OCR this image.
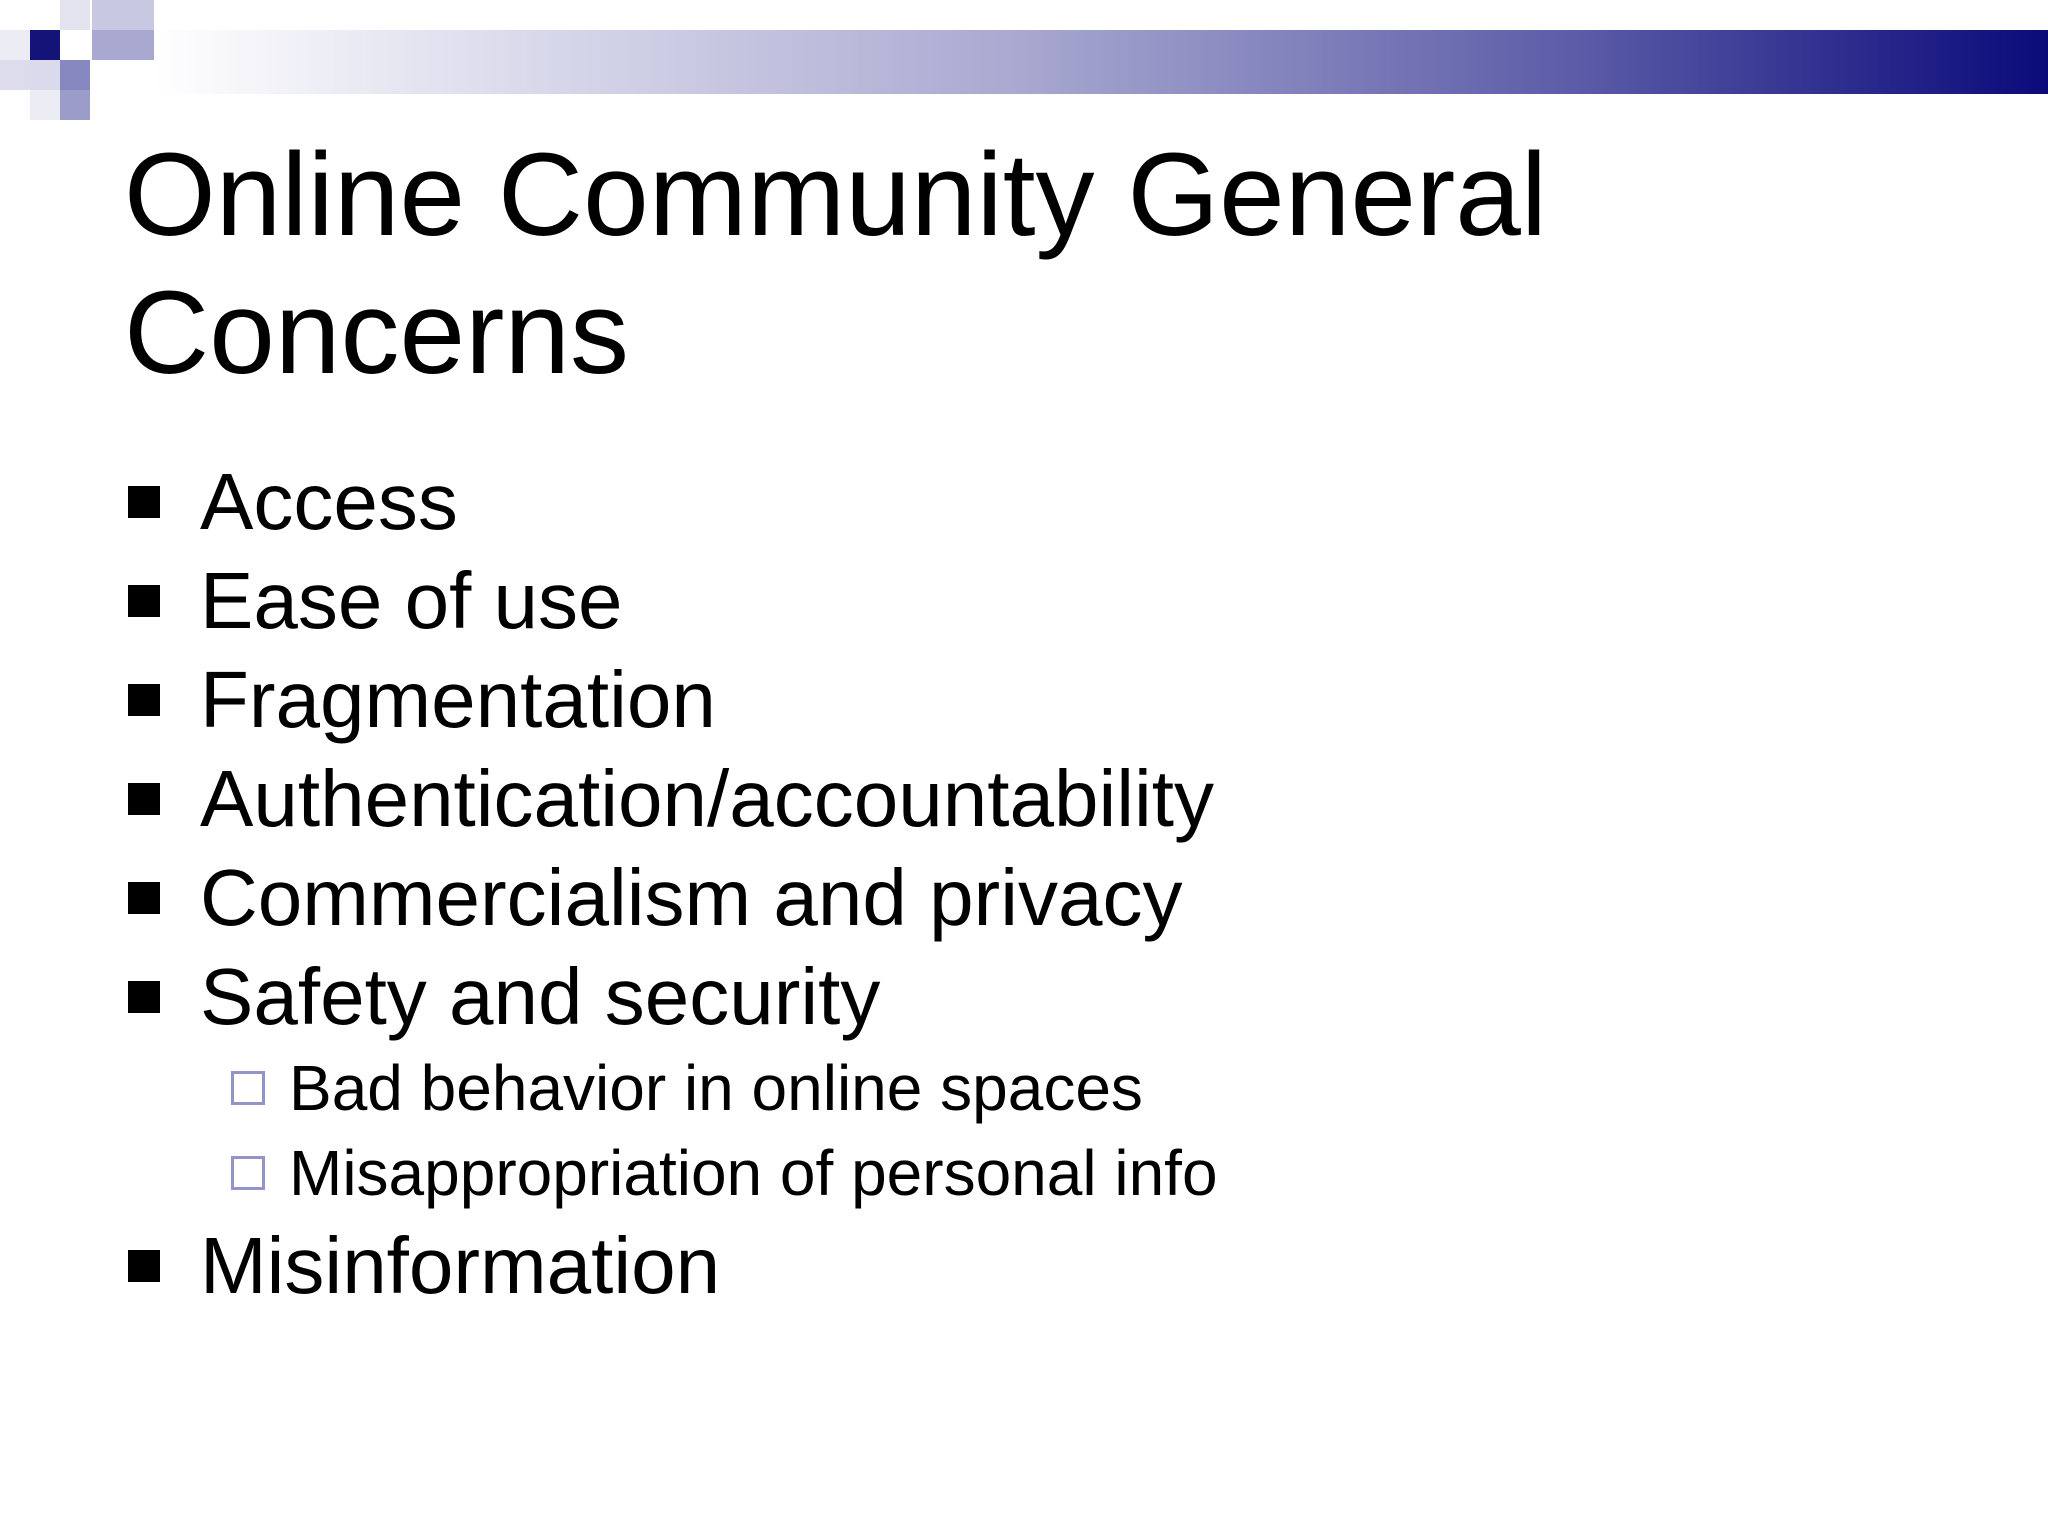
Online Community General
Concerns
Access
Ease of use
Fragmentation
Authentication/accountability
Commercialism and privacy
Safety and security
Bad behavior in online spaces
Misappropriation of personal info
Misinformation
